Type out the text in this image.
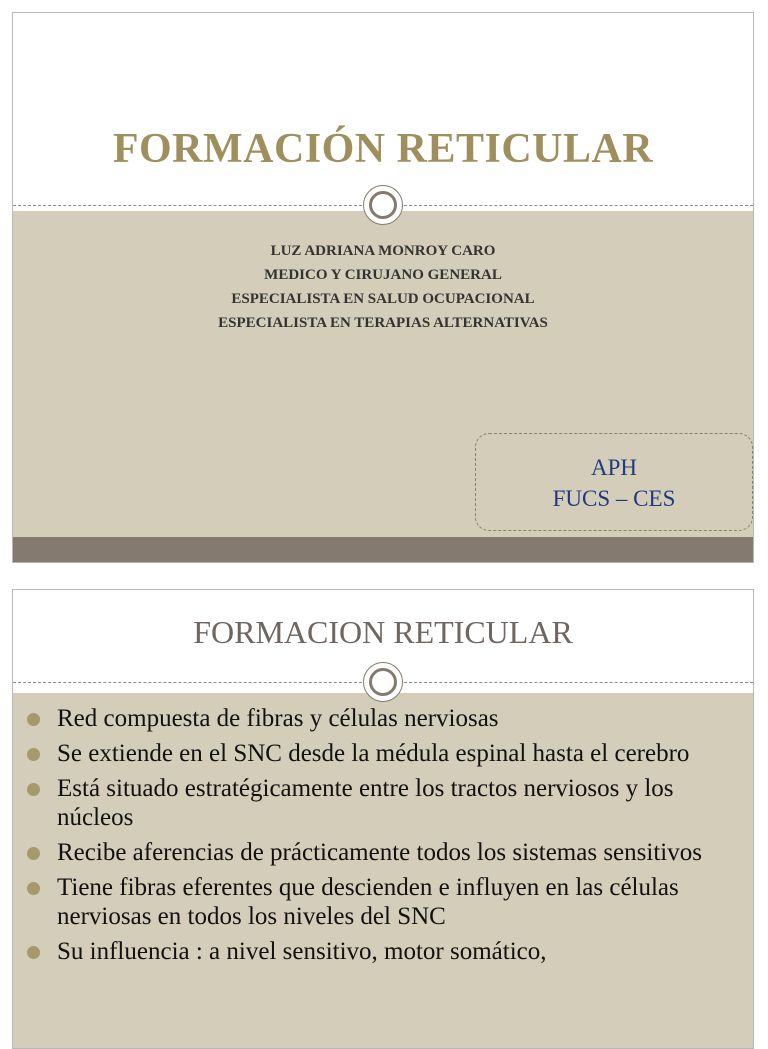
FORMACIÓN RETICULAR
LUZ ADRIANA MONROY CARO
MEDICO Y CIRUJANO GENERAL
ESPECIALISTA EN SALUD OCUPACIONAL
ESPECIALISTA EN TERAPIAS ALTERNATIVAS
APH
FUCS – CES
FORMACION RETICULAR
Red compuesta de fibras y células nerviosas
Se extiende en el SNC desde la médula espinal hasta el cerebro
Está situado estratégicamente entre los tractos nerviosos y los núcleos
Recibe aferencias de prácticamente todos los sistemas sensitivos
Tiene fibras eferentes que descienden e influyen en las células nerviosas en todos los niveles del SNC
Su influencia : a nivel sensitivo, motor somático,
